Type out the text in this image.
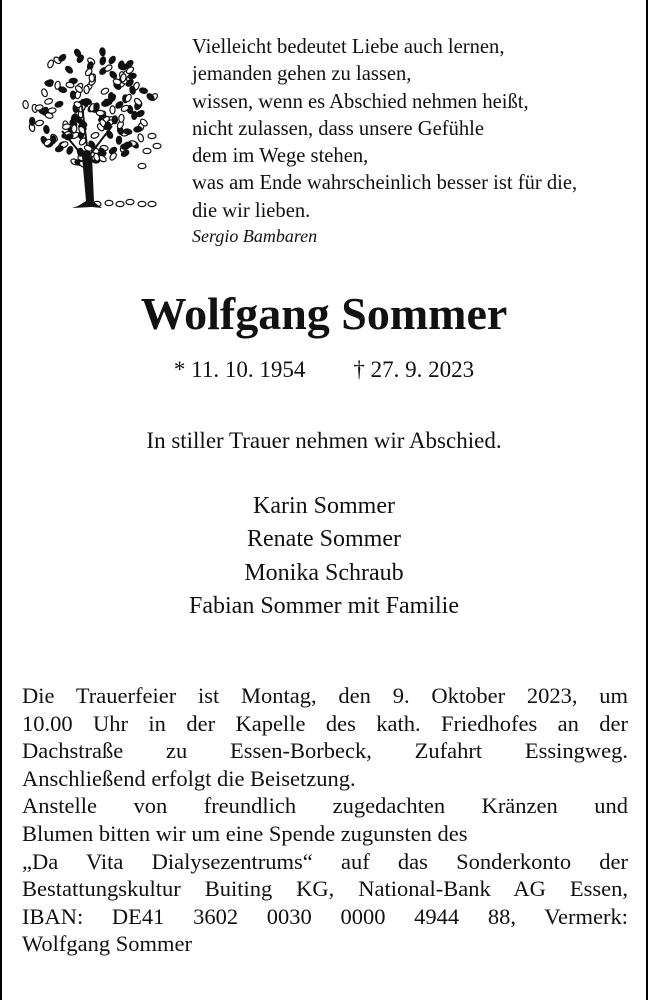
Vielleicht bedeutet Liebe auch lernen,
jemanden gehen zu lassen,
wissen, wenn es Abschied nehmen heißt,
nicht zulassen, dass unsere Gefühle
dem im Wege stehen,
was am Ende wahrscheinlich besser ist für die,
die wir lieben.
Sergio Bambaren
Wolfgang Sommer
* 11. 10. 1954 † 27. 9. 2023
In stiller Trauer nehmen wir Abschied.
Karin Sommer
Renate Sommer
Monika Schraub
Fabian Sommer mit Familie
Die Trauerfeier ist Montag, den 9. Oktober 2023, um
10.00 Uhr in der Kapelle des kath. Friedhofes an der
Dachstraße zu Essen-Borbeck, Zufahrt Essingweg.
Anschließend erfolgt die Beisetzung.
Anstelle von freundlich zugedachten Kränzen und
Blumen bitten wir um eine Spende zugunsten des
„Da Vita Dialysezentrums“ auf das Sonderkonto der
Bestattungskultur Buiting KG, National-Bank AG Essen,
IBAN: DE41 3602 0030 0000 4944 88, Vermerk:
Wolfgang Sommer
